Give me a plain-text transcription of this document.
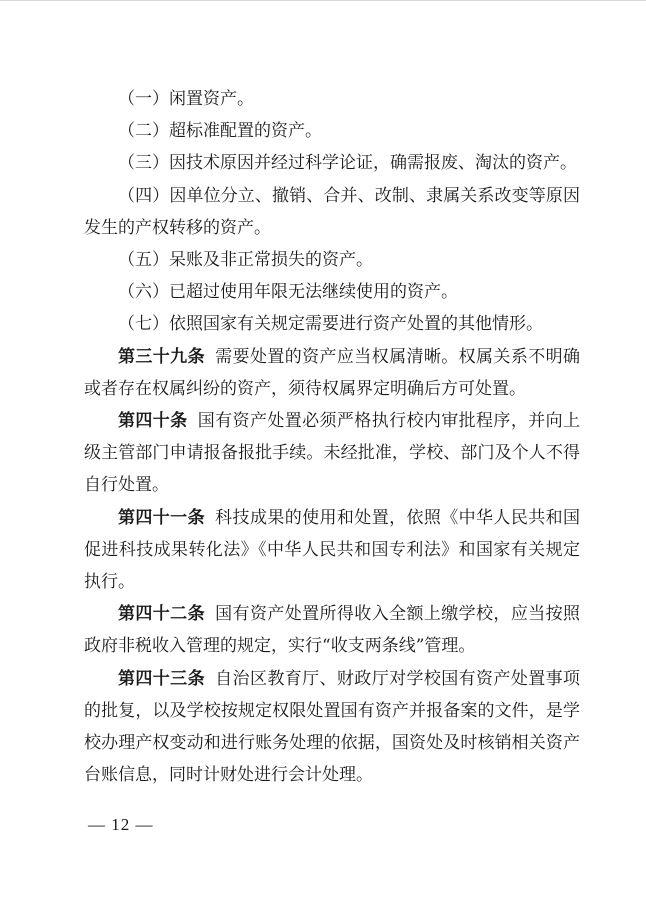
（一）闲置资产。

（二）超标准配置的资产。

（三）因技术原因并经过科学论证，确需报废、淘汰的资产。

（四）因单位分立、撤销、合并、改制、隶属关系改变等原因发生的产权转移的资产。

（五）呆账及非正常损失的资产。

（六）已超过使用年限无法继续使用的资产。

（七）依照国家有关规定需要进行资产处置的其他情形。

第三十九条 需要处置的资产应当权属清晰。权属关系不明确或者存在权属纠纷的资产，须待权属界定明确后方可处置。

第四十条 国有资产处置必须严格执行校内审批程序，并向上级主管部门申请报备报批手续。未经批准，学校、部门及个人不得自行处置。

第四十一条 科技成果的使用和处置，依照《中华人民共和国促进科技成果转化法》《中华人民共和国专利法》和国家有关规定执行。

第四十二条 国有资产处置所得收入全额上缴学校，应当按照政府非税收入管理的规定，实行“收支两条线”管理。

第四十三条 自治区教育厅、财政厅对学校国有资产处置事项的批复，以及学校按规定权限处置国有资产并报备案的文件，是学校办理产权变动和进行账务处理的依据，国资处及时核销相关资产台账信息，同时计财处进行会计处理。

— 12 —
